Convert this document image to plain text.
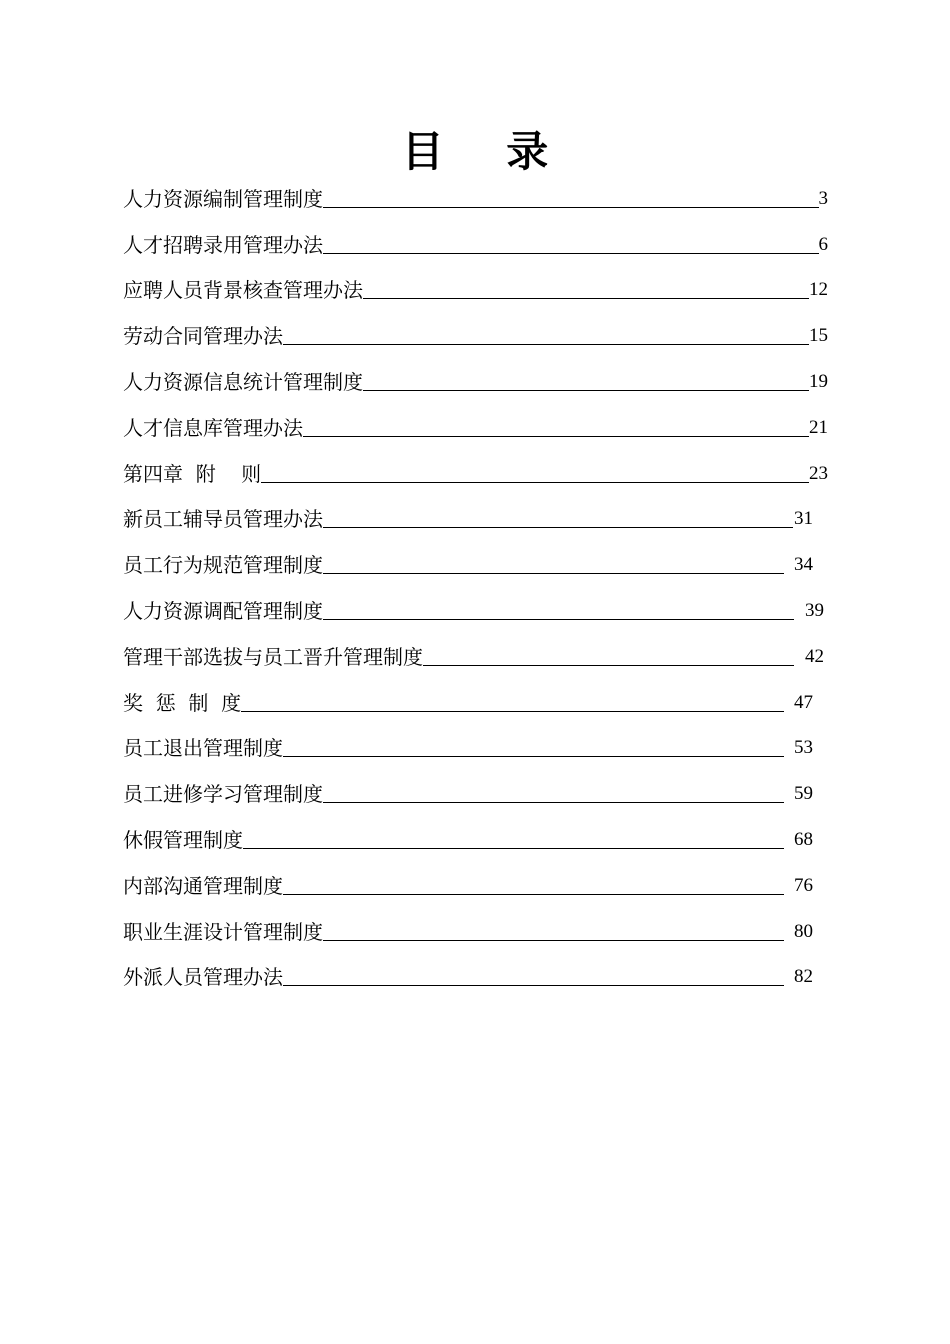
目 录
人力资源编制管理制度	3
人才招聘录用管理办法	6
应聘人员背景核查管理办法	12
劳动合同管理办法	15
人力资源信息统计管理制度	19
人才信息库管理办法	21
第四章  附    则	23
新员工辅导员管理办法	31
员工行为规范管理制度	34
人力资源调配管理制度	39
管理干部选拔与员工晋升管理制度	42
奖  惩  制  度	47
员工退出管理制度	53
员工进修学习管理制度	59
休假管理制度	68
内部沟通管理制度	76
职业生涯设计管理制度	80
外派人员管理办法	82
